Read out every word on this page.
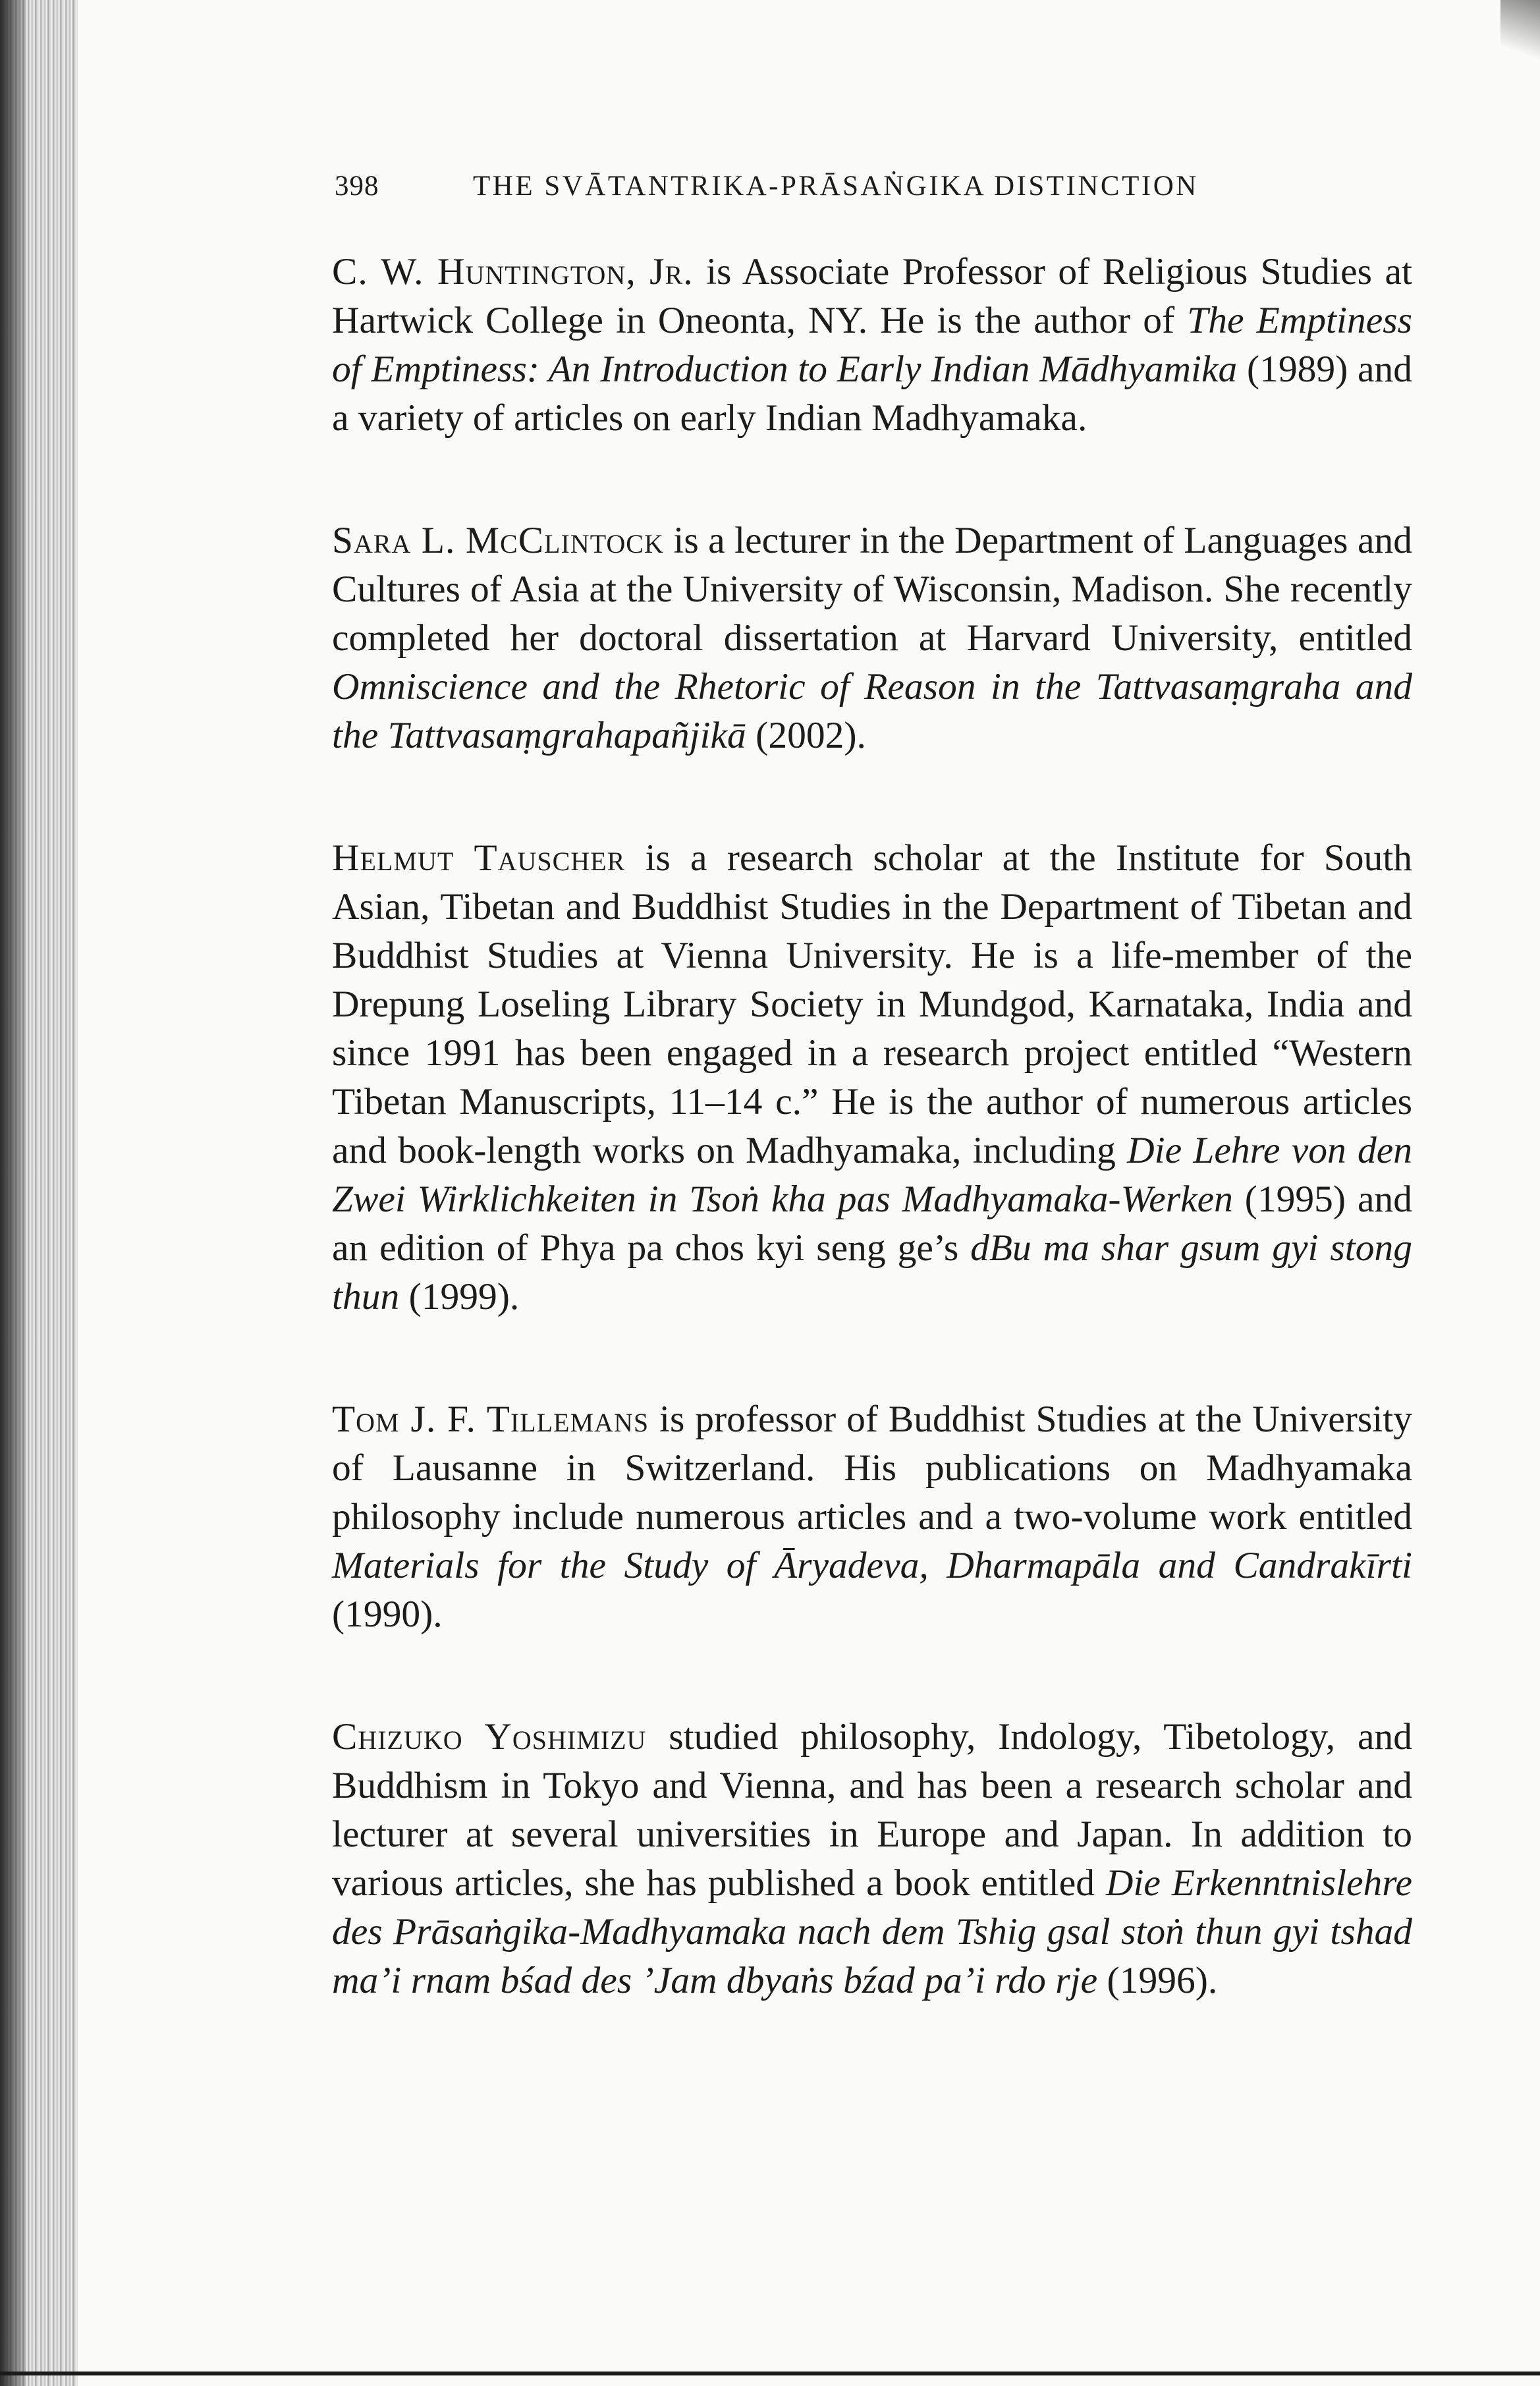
398	THE SVĀTANTRIKA-PRĀSAṄGIKA DISTINCTION

C. W. Huntington, Jr. is Associate Professor of Religious Studies at Hartwick College in Oneonta, NY. He is the author of The Emptiness of Emptiness: An Introduction to Early Indian Mādhyamika (1989) and a variety of articles on early Indian Madhyamaka.

Sara L. McClintock is a lecturer in the Department of Languages and Cultures of Asia at the University of Wisconsin, Madison. She recently completed her doctoral dissertation at Harvard University, entitled Omniscience and the Rhetoric of Reason in the Tattvasaṃgraha and the Tattvasaṃgrahapañjikā (2002).

Helmut Tauscher is a research scholar at the Institute for South Asian, Tibetan and Buddhist Studies in the Department of Tibetan and Buddhist Studies at Vienna University. He is a life-member of the Drepung Loseling Library Society in Mundgod, Karnataka, India and since 1991 has been engaged in a research project entitled “Western Tibetan Manuscripts, 11–14 c.” He is the author of numerous articles and book-length works on Madhyamaka, including Die Lehre von den Zwei Wirklichkeiten in Tsoṅ kha pas Madhyamaka-Werken (1995) and an edition of Phya pa chos kyi seng ge’s dBu ma shar gsum gyi stong thun (1999).

Tom J. F. Tillemans is professor of Buddhist Studies at the University of Lausanne in Switzerland. His publications on Madhyamaka philosophy include numerous articles and a two-volume work entitled Materials for the Study of Āryadeva, Dharmapāla and Candrakīrti (1990).

Chizuko Yoshimizu studied philosophy, Indology, Tibetology, and Buddhism in Tokyo and Vienna, and has been a research scholar and lecturer at several universities in Europe and Japan. In addition to various articles, she has published a book entitled Die Erkenntnislehre des Prāsaṅgika-Madhyamaka nach dem Tshig gsal stoṅ thun gyi tshad ma’i rnam bśad des ’Jam dbyaṅs bźad pa’i rdo rje (1996).
